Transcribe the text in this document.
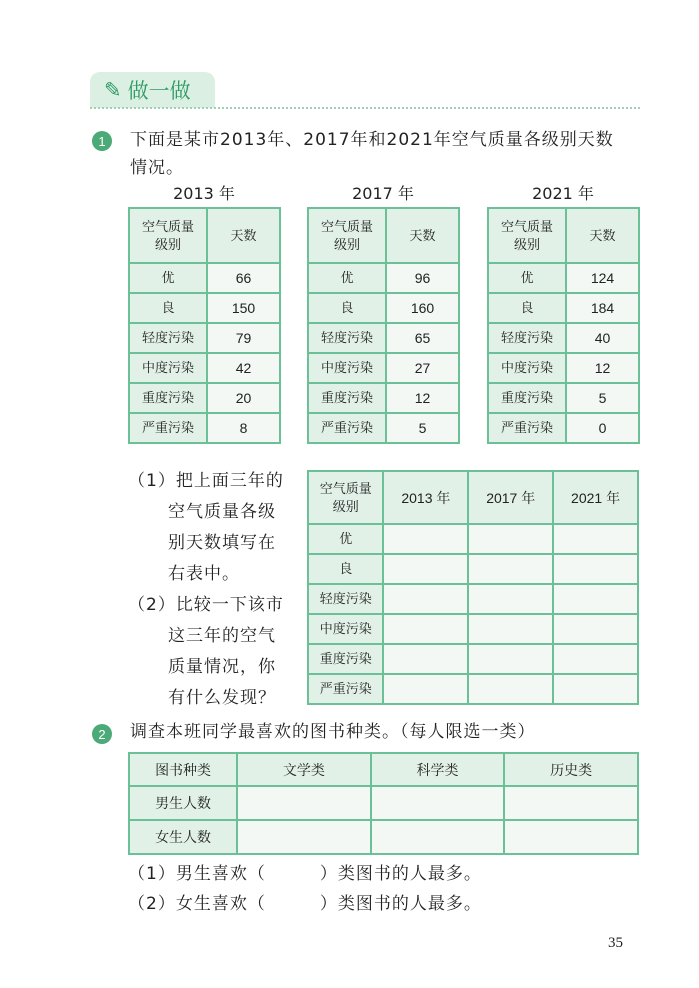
✎ 做一做
1	下面是某市2013年、2017年和2021年空气质量各级别天数
情况。
（1）把上面三年的
空气质量各级
别天数填写在
右表中。
（2）比较一下该市
这三年的空气
质量情况，你
有什么发现？
空气质量
级别	2013 年	2017 年	2021 年
优			
良			
轻度污染			
中度污染			
重度污染			
严重污染			
2	调查本班同学最喜欢的图书种类。（每人限选一类）
图书种类	文学类	科学类	历史类
男生人数			
女生人数			
（1）男生喜欢（　　　）类图书的人最多。
（2）女生喜欢（　　　）类图书的人最多。
35
2013 年
空气质量
级别	天数
优	66
良	150
轻度污染	79
中度污染	42
重度污染	20
严重污染	8
2017 年
空气质量
级别	天数
优	96
良	160
轻度污染	65
中度污染	27
重度污染	12
严重污染	5
2021 年
空气质量
级别	天数
优	124
良	184
轻度污染	40
中度污染	12
重度污染	5
严重污染	0
